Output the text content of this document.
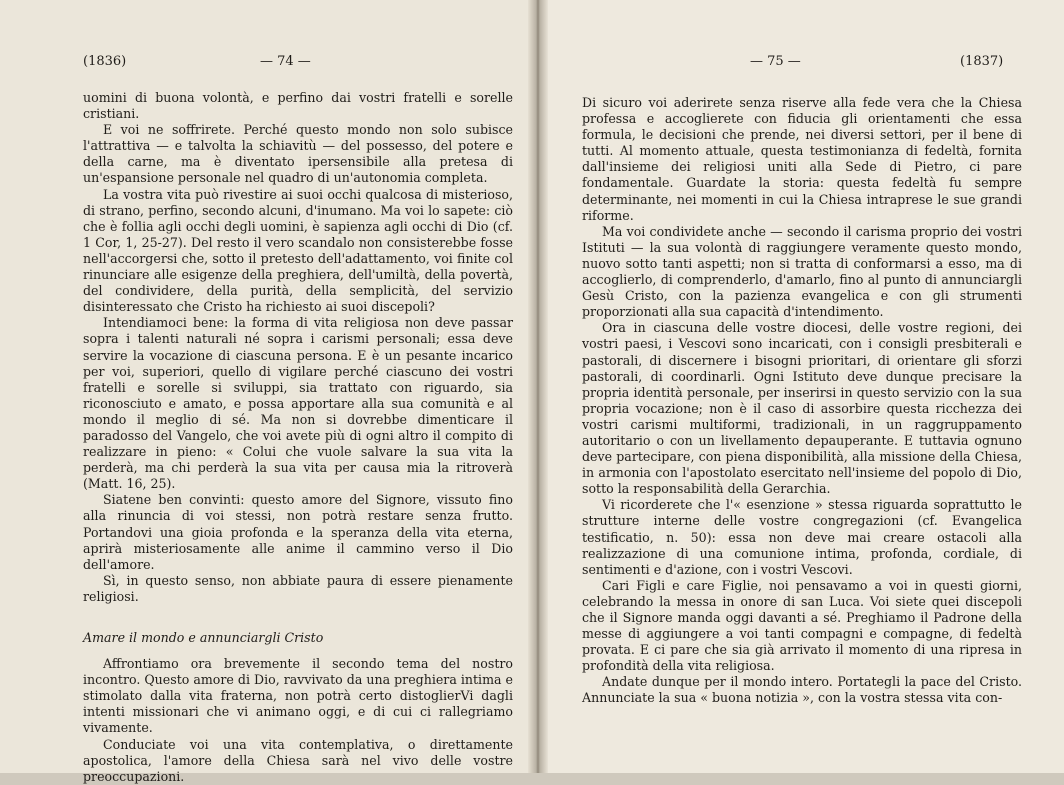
(1836)	— 74 —

uomini di buona volontà, e perfino dai vostri fratelli e sorelle cristiani.

E voi ne soffrirete. Perché questo mondo non solo subisce l'attrattiva — e talvolta la schiavitù — del possesso, del potere e della carne, ma è diventato ipersensibile alla pretesa di un'espansione personale nel quadro di un'autonomia completa.

La vostra vita può rivestire ai suoi occhi qualcosa di misterioso, di strano, perfino, secondo alcuni, d'inumano. Ma voi lo sapete: ciò che è follia agli occhi degli uomini, è sapienza agli occhi di Dio (cf. 1 Cor, 1, 25-27). Del resto il vero scandalo non consisterebbe fosse nell'accorgersi che, sotto il pretesto dell'adattamento, voi finite col rinunciare alle esigenze della preghiera, dell'umiltà, della povertà, del condividere, della purità, della semplicità, del servizio disinteressato che Cristo ha richiesto ai suoi discepoli?

Intendiamoci bene: la forma di vita religiosa non deve passar sopra i talenti naturali né sopra i carismi personali; essa deve servire la vocazione di ciascuna persona. E è un pesante incarico per voi, superiori, quello di vigilare perché ciascuno dei vostri fratelli e sorelle si sviluppi, sia trattato con riguardo, sia riconosciuto e amato, e possa apportare alla sua comunità e al mondo il meglio di sé. Ma non si dovrebbe dimenticare il paradosso del Vangelo, che voi avete più di ogni altro il compito di realizzare in pieno: « Colui che vuole salvare la sua vita la perderà, ma chi perderà la sua vita per causa mia la ritroverà (Matt. 16, 25).

Siatene ben convinti: questo amore del Signore, vissuto fino alla rinuncia di voi stessi, non potrà restare senza frutto. Portandovi una gioia profonda e la speranza della vita eterna, aprirà misteriosamente alle anime il cammino verso il Dio dell'amore.

Sì, in questo senso, non abbiate paura di essere pienamente religiosi.

Amare il mondo e annunciargli Cristo

Affrontiamo ora brevemente il secondo tema del nostro incontro. Questo amore di Dio, ravvivato da una preghiera intima e stimolato dalla vita fraterna, non potrà certo distoglierVi dagli intenti missionari che vi animano oggi, e di cui ci rallegriamo vivamente.

Conduciate voi una vita contemplativa, o direttamente apostolica, l'amore della Chiesa sarà nel vivo delle vostre preoccupazioni.

— 75 —	(1837)

Di sicuro voi aderirete senza riserve alla fede vera che la Chiesa professa e accoglierete con fiducia gli orientamenti che essa formula, le decisioni che prende, nei diversi settori, per il bene di tutti. Al momento attuale, questa testimonianza di fedeltà, fornita dall'insieme dei religiosi uniti alla Sede di Pietro, ci pare fondamentale. Guardate la storia: questa fedeltà fu sempre determinante, nei momenti in cui la Chiesa intraprese le sue grandi riforme.

Ma voi condividete anche — secondo il carisma proprio dei vostri Istituti — la sua volontà di raggiungere veramente questo mondo, nuovo sotto tanti aspetti; non si tratta di conformarsi a esso, ma di accoglierlo, di comprenderlo, d'amarlo, fino al punto di annunciargli Gesù Cristo, con la pazienza evangelica e con gli strumenti proporzionati alla sua capacità d'intendimento.

Ora in ciascuna delle vostre diocesi, delle vostre regioni, dei vostri paesi, i Vescovi sono incaricati, con i consigli presbiterali e pastorali, di discernere i bisogni prioritari, di orientare gli sforzi pastorali, di coordinarli. Ogni Istituto deve dunque precisare la propria identità personale, per inserirsi in questo servizio con la sua propria vocazione; non è il caso di assorbire questa ricchezza dei vostri carismi multiformi, tradizionali, in un raggruppamento autoritario o con un livellamento depauperante. E tuttavia ognuno deve partecipare, con piena disponibilità, alla missione della Chiesa, in armonia con l'apostolato esercitato nell'insieme del popolo di Dio, sotto la responsabilità della Gerarchia.

Vi ricorderete che l'« esenzione » stessa riguarda soprattutto le strutture interne delle vostre congregazioni (cf. Evangelica testificatio, n. 50): essa non deve mai creare ostacoli alla realizzazione di una comunione intima, profonda, cordiale, di sentimenti e d'azione, con i vostri Vescovi.

Cari Figli e care Figlie, noi pensavamo a voi in questi giorni, celebrando la messa in onore di san Luca. Voi siete quei discepoli che il Signore manda oggi davanti a sé. Preghiamo il Padrone della messe di aggiungere a voi tanti compagni e compagne, di fedeltà provata. E ci pare che sia già arrivato il momento di una ripresa in profondità della vita religiosa.

Andate dunque per il mondo intero. Portategli la pace del Cristo. Annunciate la sua « buona notizia », con la vostra stessa vita con-
